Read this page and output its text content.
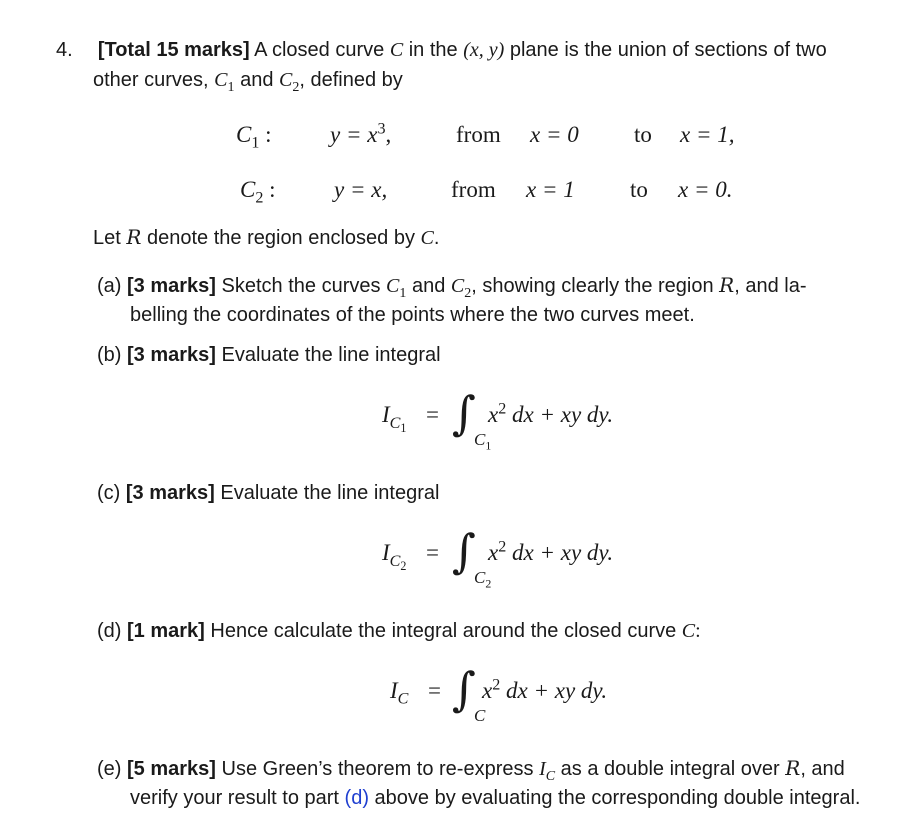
4. [Total 15 marks] A closed curve C in the (x, y) plane is the union of sections of two
other curves, $C_1$ and $C_2$, defined by
$C_1$ :	$y = x^3$,	from x = 0 to x = 1,
$C_2$ :	y = x,	from x = 1 to x = 0.
Let R denote the region enclosed by C.
(a) [3 marks] Sketch the curves $C_1$ and $C_2$, showing clearly the region R, and la-
belling the coordinates of the points where the two curves meet.
(b) [3 marks] Evaluate the line integral
$I_{C_1}$
= ∫
$C_1$
$x^2$ dx + xy dy.
(c) [3 marks] Evaluate the line integral
$I_{C_2}$
= ∫
$C_2$
$x^2$ dx + xy dy.
(d) [1 mark] Hence calculate the integral around the closed curve C:
$I_C$ = ∫
C
$x^2$ dx + xy dy.
(e) [5 marks] Use Green’s theorem to re-express $I_C$ as a double integral over R, and
verify your result to part (d) above by evaluating the corresponding double integral.
